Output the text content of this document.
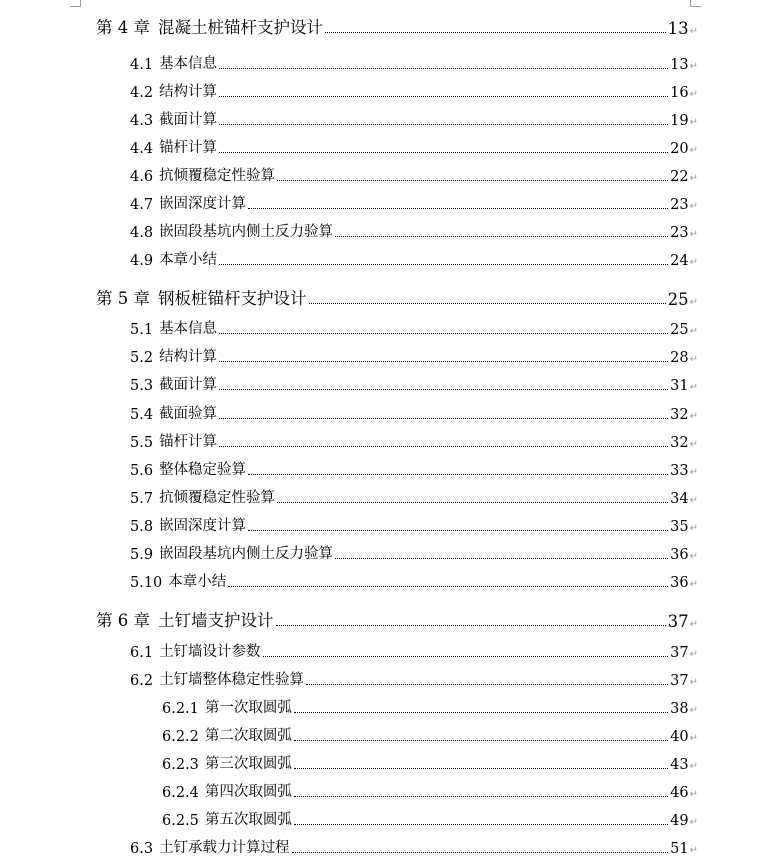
第 4 章 混凝土桩锚杆支护设计	13 ↵
4.1 基本信息	13 ↵
4.2 结构计算	16 ↵
4.3 截面计算	19 ↵
4.4 锚杆计算	20 ↵
4.6 抗倾覆稳定性验算	22 ↵
4.7 嵌固深度计算	23 ↵
4.8 嵌固段基坑内侧土反力验算	23 ↵
4.9 本章小结	24 ↵
第 5 章 钢板桩锚杆支护设计	25 ↵
5.1 基本信息	25 ↵
5.2 结构计算	28 ↵
5.3 截面计算	31 ↵
5.4 截面验算	32 ↵
5.5 锚杆计算	32 ↵
5.6 整体稳定验算	33 ↵
5.7 抗倾覆稳定性验算	34 ↵
5.8 嵌固深度计算	35 ↵
5.9 嵌固段基坑内侧土反力验算	36 ↵
5.10 本章小结	36 ↵
第 6 章 土钉墙支护设计	37 ↵
6.1 土钉墙设计参数	37 ↵
6.2 土钉墙整体稳定性验算	37 ↵
6.2.1 第一次取圆弧	38 ↵
6.2.2 第二次取圆弧	40 ↵
6.2.3 第三次取圆弧	43 ↵
6.2.4 第四次取圆弧	46 ↵
6.2.5 第五次取圆弧	49 ↵
6.3 土钉承载力计算过程	51 ↵
